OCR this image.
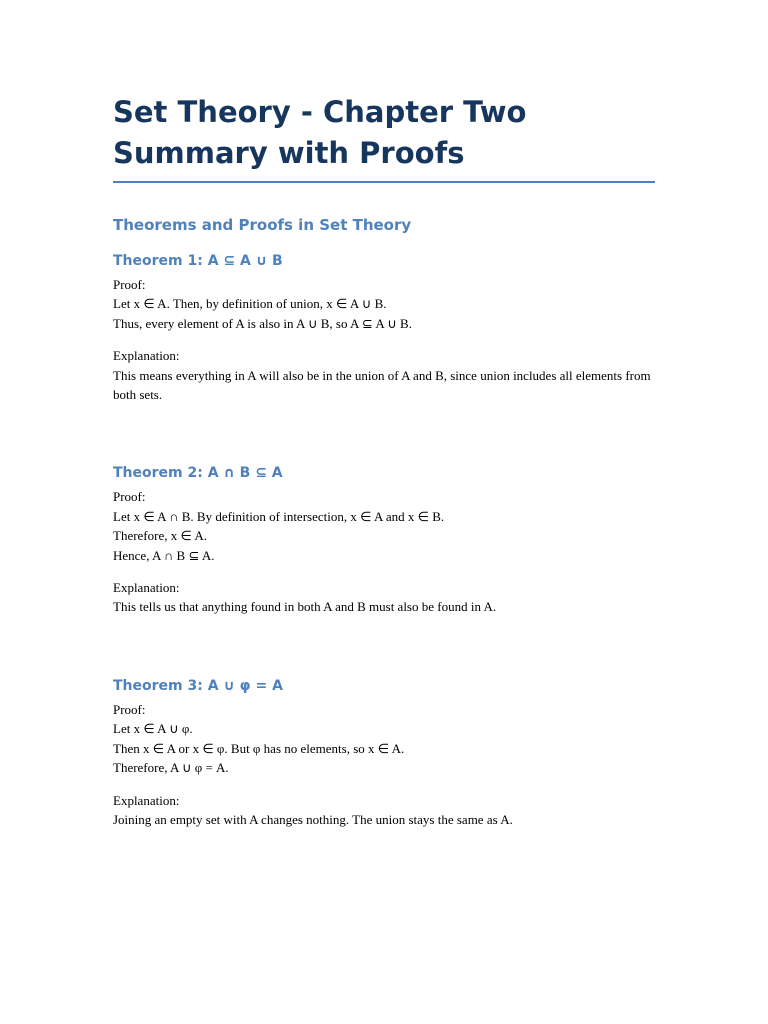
Set Theory - Chapter Two Summary with Proofs
Theorems and Proofs in Set Theory
Theorem 1: A ⊆ A ∪ B

Proof:

Let x ∈ A. Then, by definition of union, x ∈ A ∪ B.

Thus, every element of A is also in A ∪ B, so A ⊆ A ∪ B.

Explanation:

This means everything in A will also be in the union of A and B, since union includes all elements from both sets.

Theorem 2: A ∩ B ⊆ A

Proof:

Let x ∈ A ∩ B. By definition of intersection, x ∈ A and x ∈ B.

Therefore, x ∈ A.

Hence, A ∩ B ⊆ A.

Explanation:

This tells us that anything found in both A and B must also be found in A.

Theorem 3: A ∪ φ = A

Proof:

Let x ∈ A ∪ φ.

Then x ∈ A or x ∈ φ. But φ has no elements, so x ∈ A.

Therefore, A ∪ φ = A.

Explanation:

Joining an empty set with A changes nothing. The union stays the same as A.
